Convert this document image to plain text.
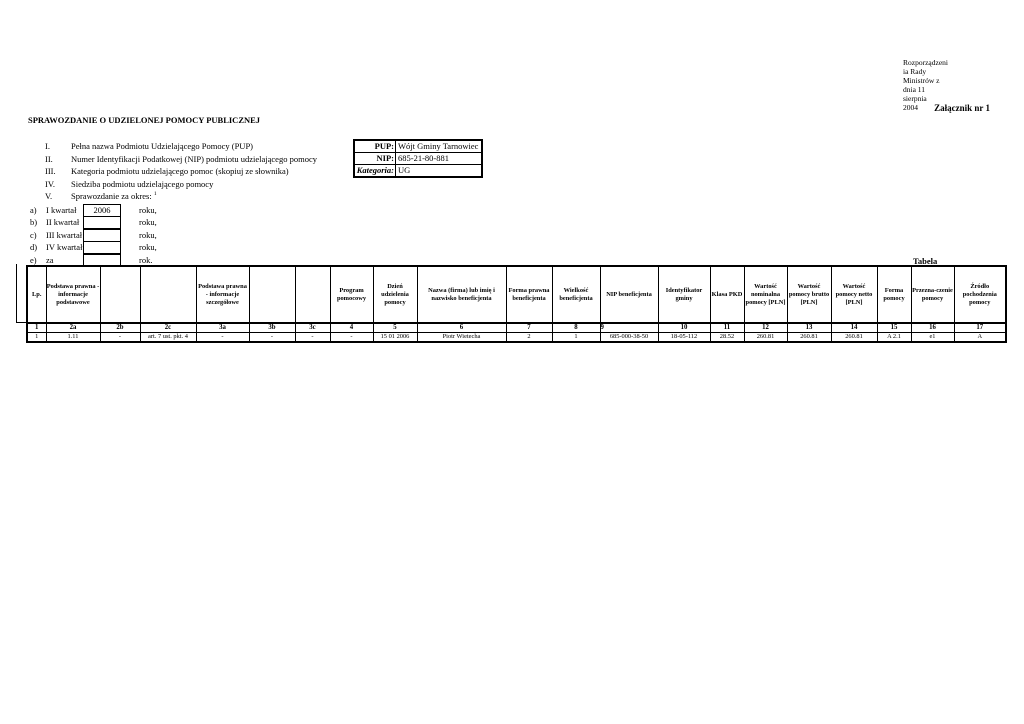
Rozporządzeni
ia Rady
Ministrów z
dnia 11
sierpnia
2004	Załącznik nr 1
SPRAWOZDANIE O UDZIELONEJ POMOCY PUBLICZNEJ
I. Pełna nazwa Podmiotu Udzielającego Pomocy (PUP)
II. Numer Identyfikacji Podatkowej (NIP) podmiotu udzielającego pomocy
III. Kategoria podmiotu udzielającego pomoc (skopiuj ze słownika)
IV. Siedziba podmiotu udzielającego pomocy
V. Sprawozdanie za okres: $^1$
PUP:	Wójt Gminy Tarnowiec
NIP:	685-21-80-881
Kategoria:	UG
a) I kwartał	2006	roku,
b) II kwartał	roku,
c) III kwartał	roku,
d) IV kwartał	roku,
e) za	rok.	Tabela
Lp.	Podstawa prawna - informacje podstawowe			Podstawa prawna - informacje szczegółowe			Program pomocowy	Dzień udzielenia pomocy	Nazwa (firma) lub imię i nazwisko beneficjenta	Forma prawna beneficjenta	Wielkość beneficjenta	NIP beneficjenta	Identyfikator gminy	Klasa PKD	Wartość nominalna pomocy [PLN]	Wartość pomocy brutto [PLN]	Wartość pomocy netto [PLN]	Forma pomocy	Przezna-czenie pomocy	Źródło pochodzenia pomocy
1	2a	2b	2c	3a	3b	3c	4	5	6	7	8	9	10	11	12	13	14	15	16	17
1	1.11	-	art. 7 ust. pkt. 4	-	-	-	-	15 01 2006	Piotr Wietecha	2	1	685-000-38-50	18-05-112	28.52	260.81	260.81	260.81	A 2.1	e1	A
